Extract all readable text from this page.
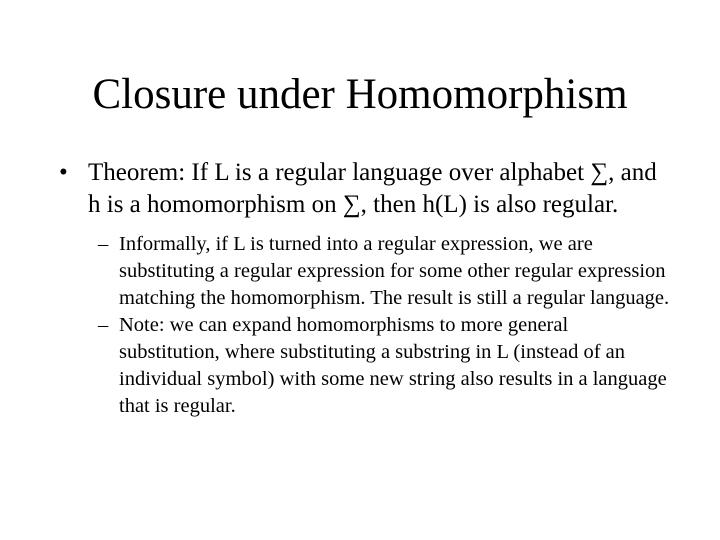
Closure under Homomorphism
• Theorem: If L is a regular language over alphabet ∑, and h is a homomorphism on ∑, then h(L) is also regular.
– Informally, if L is turned into a regular expression, we are substituting a regular expression for some other regular expression matching the homomorphism. The result is still a regular language.
– Note: we can expand homomorphisms to more general substitution, where substituting a substring in L (instead of an individual symbol) with some new string also results in a language that is regular.
